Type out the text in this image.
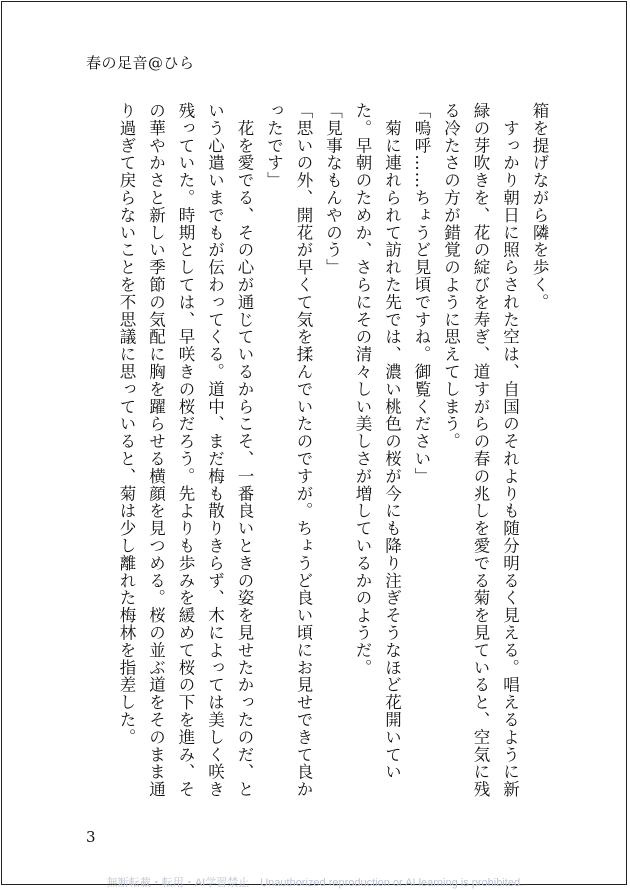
春の足音@ひら

箱を提げながら隣を歩く。

　すっかり朝日に照らされた空は、自国のそれよりも随分明るく見える。唱えるように新緑の芽吹きを、花の綻びを寿ぎ、道すがらの春の兆しを愛でる菊を見ていると、空気に残る冷たさの方が錯覚のように思えてしまう。

「嗚呼……ちょうど見頃ですね。御覧ください」

　菊に連れられて訪れた先では、濃い桃色の桜が今にも降り注ぎそうなほど花開いていた。早朝のためか、さらにその清々しい美しさが増しているかのようだ。

「見事なもんやのう」

「思いの外、開花が早くて気を揉んでいたのですが。ちょうど良い頃にお見せできて良かったです」

　花を愛でる、その心が通じているからこそ、一番良いときの姿を見せたかったのだ、という心遣いまでもが伝わってくる。道中、まだ梅も散りきらず、木によっては美しく咲き残っていた。時期としては、早咲きの桜だろう。先よりも歩みを緩めて桜の下を進み、その華やかさと新しい季節の気配に胸を躍らせる横顔を見つめる。桜の並ぶ道をそのまま通り過ぎて戻らないことを不思議に思っていると、菊は少し離れた梅林を指差した。

3
無断転載・転用・AI学習禁止　Unauthorized reproduction or AI learning is prohibited.
